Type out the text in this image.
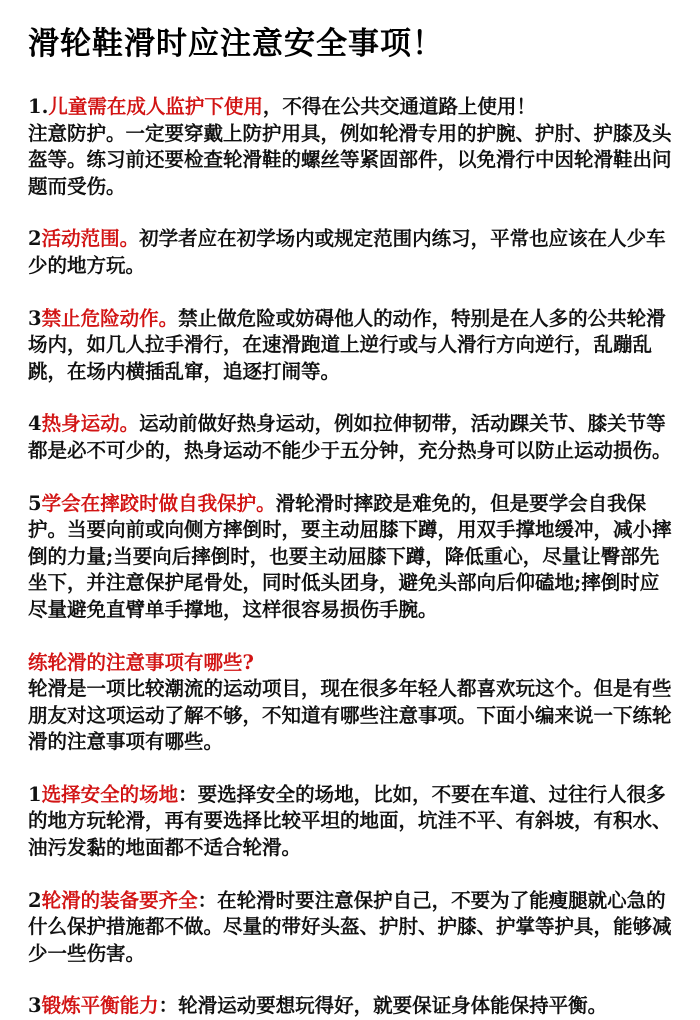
滑轮鞋滑时应注意安全事项！

1.儿童需在成人监护下使用，不得在公共交通道路上使用！

注意防护。一定要穿戴上防护用具，例如轮滑专用的护腕、护肘、护膝及头盔等。练习前还要检查轮滑鞋的螺丝等紧固部件，以免滑行中因轮滑鞋出问题而受伤。

2活动范围。初学者应在初学场内或规定范围内练习，平常也应该在人少车少的地方玩。

3禁止危险动作。禁止做危险或妨碍他人的动作，特别是在人多的公共轮滑场内，如几人拉手滑行，在速滑跑道上逆行或与人滑行方向逆行，乱蹦乱跳，在场内横插乱窜，追逐打闹等。

4热身运动。运动前做好热身运动，例如拉伸韧带，活动踝关节、膝关节等都是必不可少的，热身运动不能少于五分钟，充分热身可以防止运动损伤。

5学会在摔跤时做自我保护。滑轮滑时摔跤是难免的，但是要学会自我保护。当要向前或向侧方摔倒时，要主动屈膝下蹲，用双手撑地缓冲，减小摔倒的力量;当要向后摔倒时，也要主动屈膝下蹲，降低重心，尽量让臀部先坐下，并注意保护尾骨处，同时低头团身，避免头部向后仰磕地;摔倒时应尽量避免直臂单手撑地，这样很容易损伤手腕。

练轮滑的注意事项有哪些?

轮滑是一项比较潮流的运动项目，现在很多年轻人都喜欢玩这个。但是有些朋友对这项运动了解不够，不知道有哪些注意事项。下面小编来说一下练轮滑的注意事项有哪些。

1选择安全的场地：要选择安全的场地，比如，不要在车道、过往行人很多的地方玩轮滑，再有要选择比较平坦的地面，坑洼不平、有斜坡，有积水、油污发黏的地面都不适合轮滑。

2轮滑的装备要齐全：在轮滑时要注意保护自己，不要为了能瘦腿就心急的什么保护措施都不做。尽量的带好头盔、护肘、护膝、护掌等护具，能够减少一些伤害。

3锻炼平衡能力：轮滑运动要想玩得好，就要保证身体能保持平衡。
